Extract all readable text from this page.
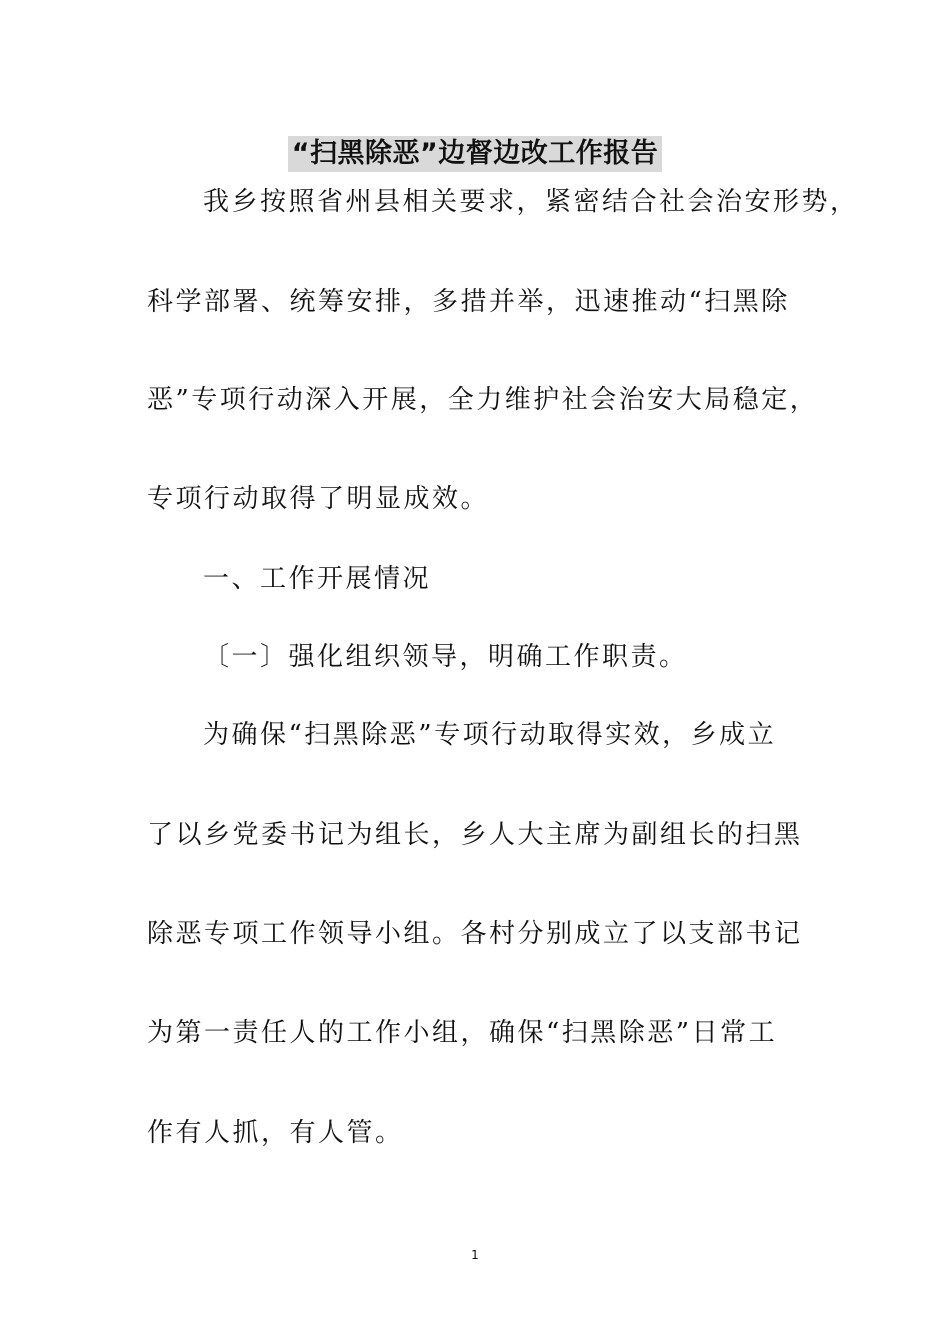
“扫黑除恶”边督边改工作报告

我乡按照省州县相关要求，紧密结合社会治安形势，

科学部署、统筹安排，多措并举，迅速推动“扫黑除

恶”专项行动深入开展，全力维护社会治安大局稳定，

专项行动取得了明显成效。

一、工作开展情况

〔一〕强化组织领导，明确工作职责。

为确保“扫黑除恶”专项行动取得实效，乡成立

了以乡党委书记为组长，乡人大主席为副组长的扫黑

除恶专项工作领导小组。各村分别成立了以支部书记

为第一责任人的工作小组，确保“扫黑除恶”日常工

作有人抓，有人管。

1
